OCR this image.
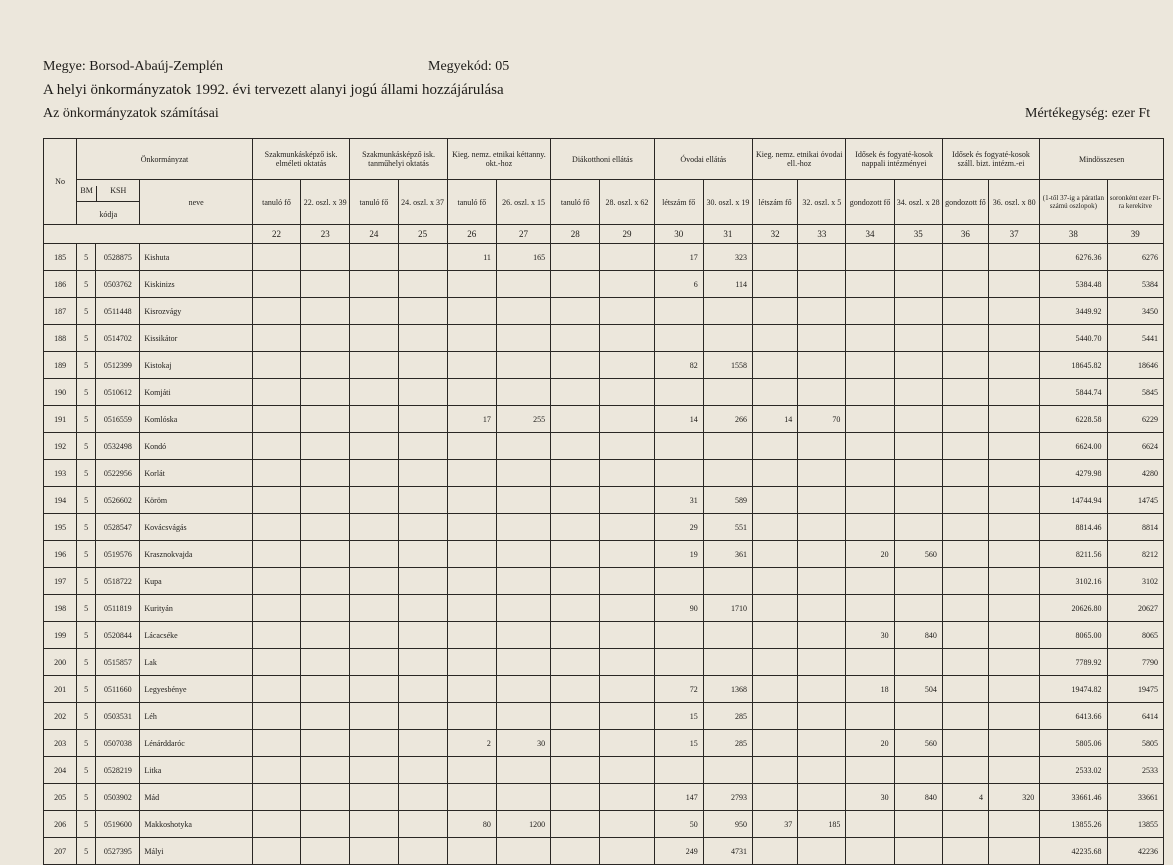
Megye: Borsod-Abaúj-Zemplén	Megyekód: 05
A helyi önkormányzatok 1992. évi tervezett alanyi jogú állami hozzájárulása
Az önkormányzatok számításai	Mértékegység: ezer Ft
No	Önkormányzat			Szakmunkásképző isk. elméleti oktatás		Szakmunkásképző isk. tanműhelyi oktatás		Kieg. nemz. etnikai kéttanny. okt.-hoz		Diákotthoni ellátás		Óvodai ellátás		Kieg. nemz. etnikai óvodai ell.-hoz		Idősek és fogyaté-kosok nappali intézményei		Idősek és fogyaté-kosok száll. bizt. intézm.-ei		Mindösszesen	

	BM KSH
kódja		neve	tanuló fő	22. oszl. x 39	tanuló fő	24. oszl. x 37	tanuló fő	26. oszl. x 15	tanuló fő	28. oszl. x 62	létszám fő	30. oszl. x 19	létszám fő	32. oszl. x 5	gondozott fő	34. oszl. x 28	gondozott fő	36. oszl. x 80	(1-től 37-ig a páratlan számú oszlopok)	soronként ezer Ft-ra kerekítve
				22	23	24	25	26	27	28	29	30	31	32	33	34	35	36	37	38	39
185	5	0528875	Kishuta					11	165			17	323							6276.36	6276
186	5	0503762	Kiskinizs									6	114							5384.48	5384
187	5	0511448	Kisrozvágy																	3449.92	3450
188	5	0514702	Kissikátor																	5440.70	5441
189	5	0512399	Kistokaj									82	1558							18645.82	18646
190	5	0510612	Komjáti																	5844.74	5845
191	5	0516559	Komlóska					17	255			14	266	14	70					6228.58	6229
192	5	0532498	Kondó																	6624.00	6624
193	5	0522956	Korlát																	4279.98	4280
194	5	0526602	Köröm									31	589							14744.94	14745
195	5	0528547	Kovácsvágás									29	551							8814.46	8814
196	5	0519576	Krasznokvajda									19	361			20	560			8211.56	8212
197	5	0518722	Kupa																	3102.16	3102
198	5	0511819	Kurityán									90	1710							20626.80	20627
199	5	0520844	Lácacséke													30	840			8065.00	8065
200	5	0515857	Lak																	7789.92	7790
201	5	0511660	Legyesbénye									72	1368			18	504			19474.82	19475
202	5	0503531	Léh									15	285							6413.66	6414
203	5	0507038	Lénárddaróc					2	30			15	285			20	560			5805.06	5805
204	5	0528219	Litka																	2533.02	2533
205	5	0503902	Mád									147	2793			30	840	4	320	33661.46	33661
206	5	0519600	Makkoshotyka					80	1200			50	950	37	185					13855.26	13855
207	5	0527395	Mályi									249	4731							42235.68	42236
